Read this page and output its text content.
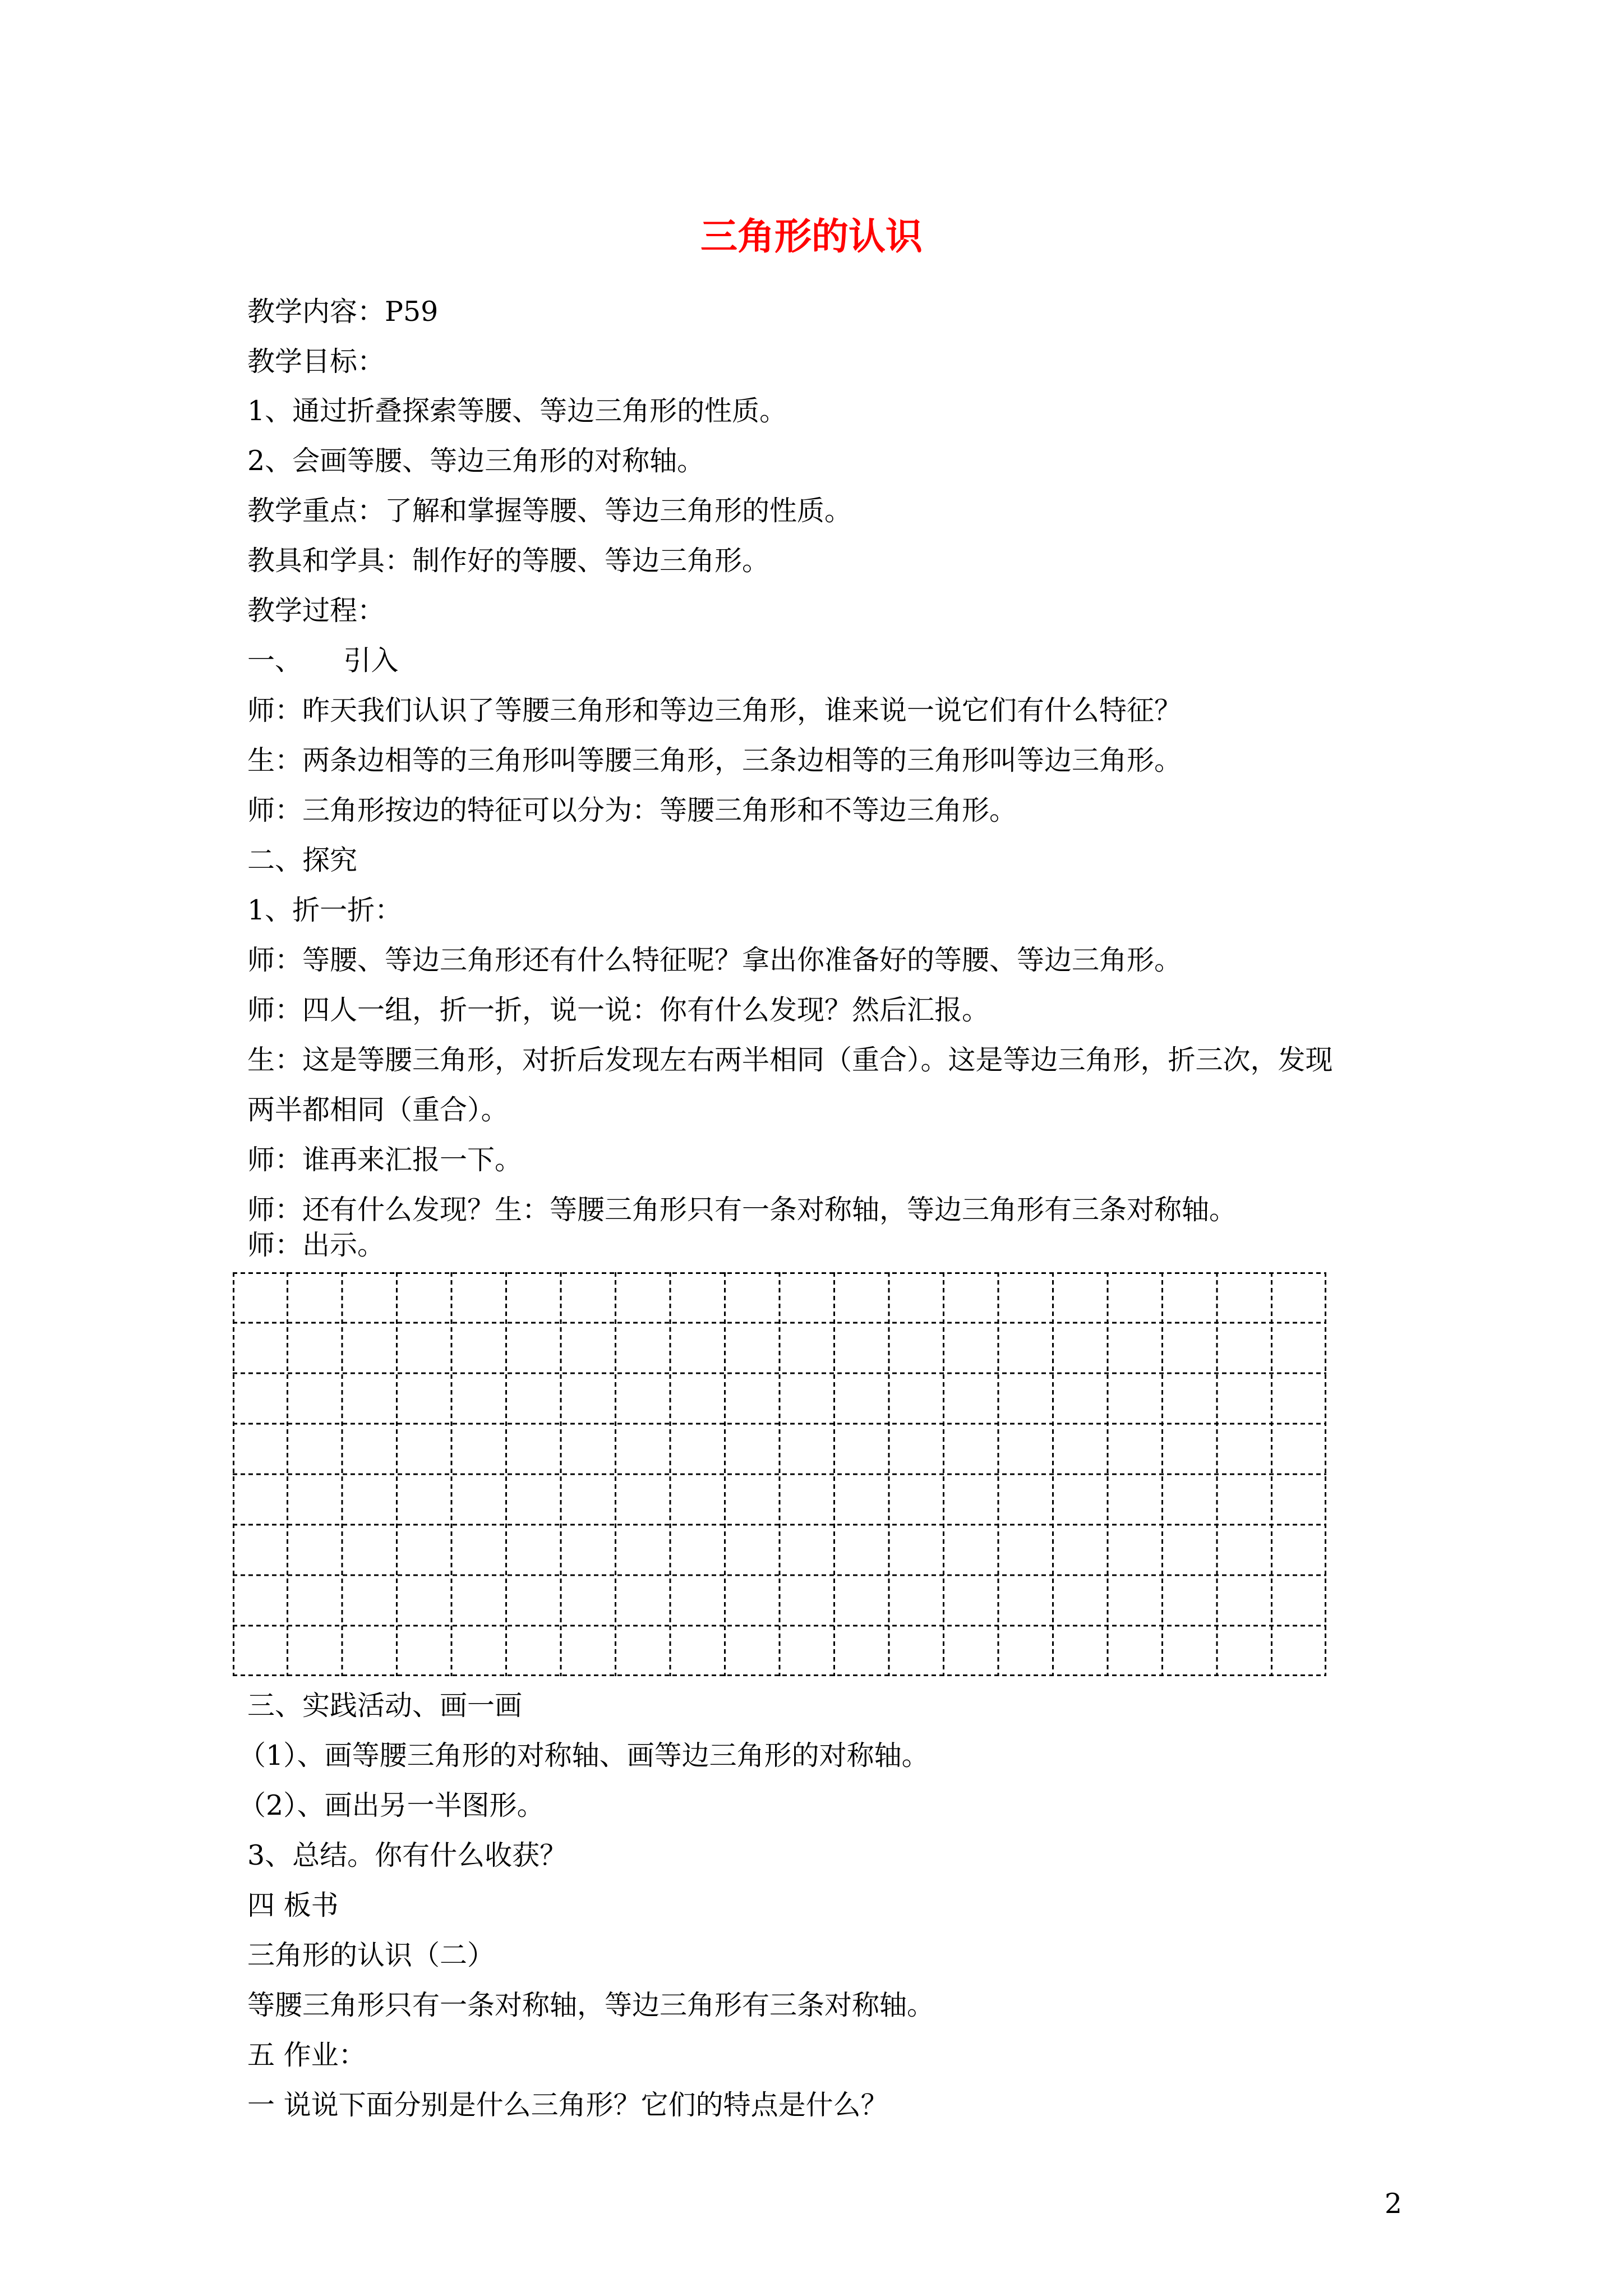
三角形的认识
教学内容：P59
教学目标：
1、通过折叠探索等腰、等边三角形的性质。
2、会画等腰、等边三角形的对称轴。
教学重点：了解和掌握等腰、等边三角形的性质。
教具和学具：制作好的等腰、等边三角形。
教学过程：
一、　　引入
师：昨天我们认识了等腰三角形和等边三角形，谁来说一说它们有什么特征？
生：两条边相等的三角形叫等腰三角形，三条边相等的三角形叫等边三角形。
师：三角形按边的特征可以分为：等腰三角形和不等边三角形。
二、探究
1、折一折：
师：等腰、等边三角形还有什么特征呢？拿出你准备好的等腰、等边三角形。
师：四人一组，折一折，说一说：你有什么发现？然后汇报。
生：这是等腰三角形，对折后发现左右两半相同（重合）。这是等边三角形，折三次，发现
两半都相同（重合）。
师：谁再来汇报一下。
师：还有什么发现？生：等腰三角形只有一条对称轴，等边三角形有三条对称轴。
师：出示。
三、实践活动、画一画
（1）、画等腰三角形的对称轴、画等边三角形的对称轴。
（2）、画出另一半图形。
3、总结。你有什么收获？
四 板书
三角形的认识（二）
等腰三角形只有一条对称轴，等边三角形有三条对称轴。
五 作业：
一 说说下面分别是什么三角形？它们的特点是什么？
2
